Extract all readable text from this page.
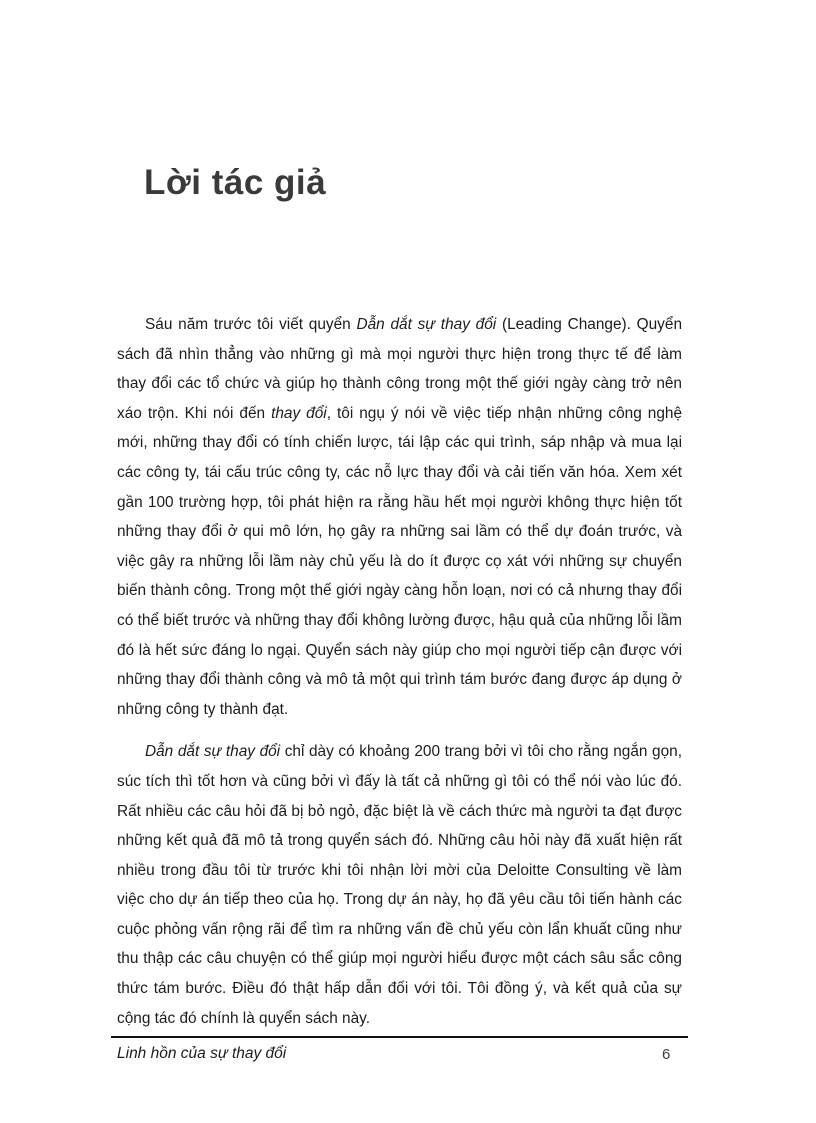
Lời tác giả

Sáu năm trước tôi viết quyển Dẫn dắt sự thay đổi (Leading Change). Quyển sách đã nhìn thẳng vào những gì mà mọi người thực hiện trong thực tế để làm thay đổi các tổ chức và giúp họ thành công trong một thế giới ngày càng trở nên xáo trộn. Khi nói đến thay đổi, tôi ngụ ý nói về việc tiếp nhận những công nghệ mới, những thay đổi có tính chiến lược, tái lập các qui trình, sáp nhập và mua lại các công ty, tái cấu trúc công ty, các nỗ lực thay đổi và cải tiến văn hóa. Xem xét gần 100 trường hợp, tôi phát hiện ra rằng hầu hết mọi người không thực hiện tốt những thay đổi ở qui mô lớn, họ gây ra những sai lầm có thể dự đoán trước, và việc gây ra những lỗi lầm này chủ yếu là do ít được cọ xát với những sự chuyển biến thành công. Trong một thế giới ngày càng hỗn loạn, nơi có cả nhưng thay đổi có thể biết trước và những thay đổi không lường được, hậu quả của những lỗi lầm đó là hết sức đáng lo ngại. Quyển sách này giúp cho mọi người tiếp cận được với những thay đổi thành công và mô tả một qui trình tám bước đang được áp dụng ở những công ty thành đạt.

Dẫn dắt sự thay đổi chỉ dày có khoảng 200 trang bởi vì tôi cho rằng ngắn gọn, súc tích thì tốt hơn và cũng bởi vì đấy là tất cả những gì tôi có thể nói vào lúc đó. Rất nhiều các câu hỏi đã bị bỏ ngỏ, đặc biệt là về cách thức mà người ta đạt được những kết quả đã mô tả trong quyển sách đó. Những câu hỏi này đã xuất hiện rất nhiều trong đầu tôi từ trước khi tôi nhận lời mời của Deloitte Consulting về làm việc cho dự án tiếp theo của họ. Trong dự án này, họ đã yêu cầu tôi tiến hành các cuộc phỏng vấn rộng rãi để tìm ra những vấn đề chủ yếu còn lẩn khuất cũng như thu thập các câu chuyện có thể giúp mọi người hiểu được một cách sâu sắc công thức tám bước. Điều đó thật hấp dẫn đối với tôi. Tôi đồng ý, và kết quả của sự cộng tác đó chính là quyển sách này.

Linh hồn của sự thay đổi	6
